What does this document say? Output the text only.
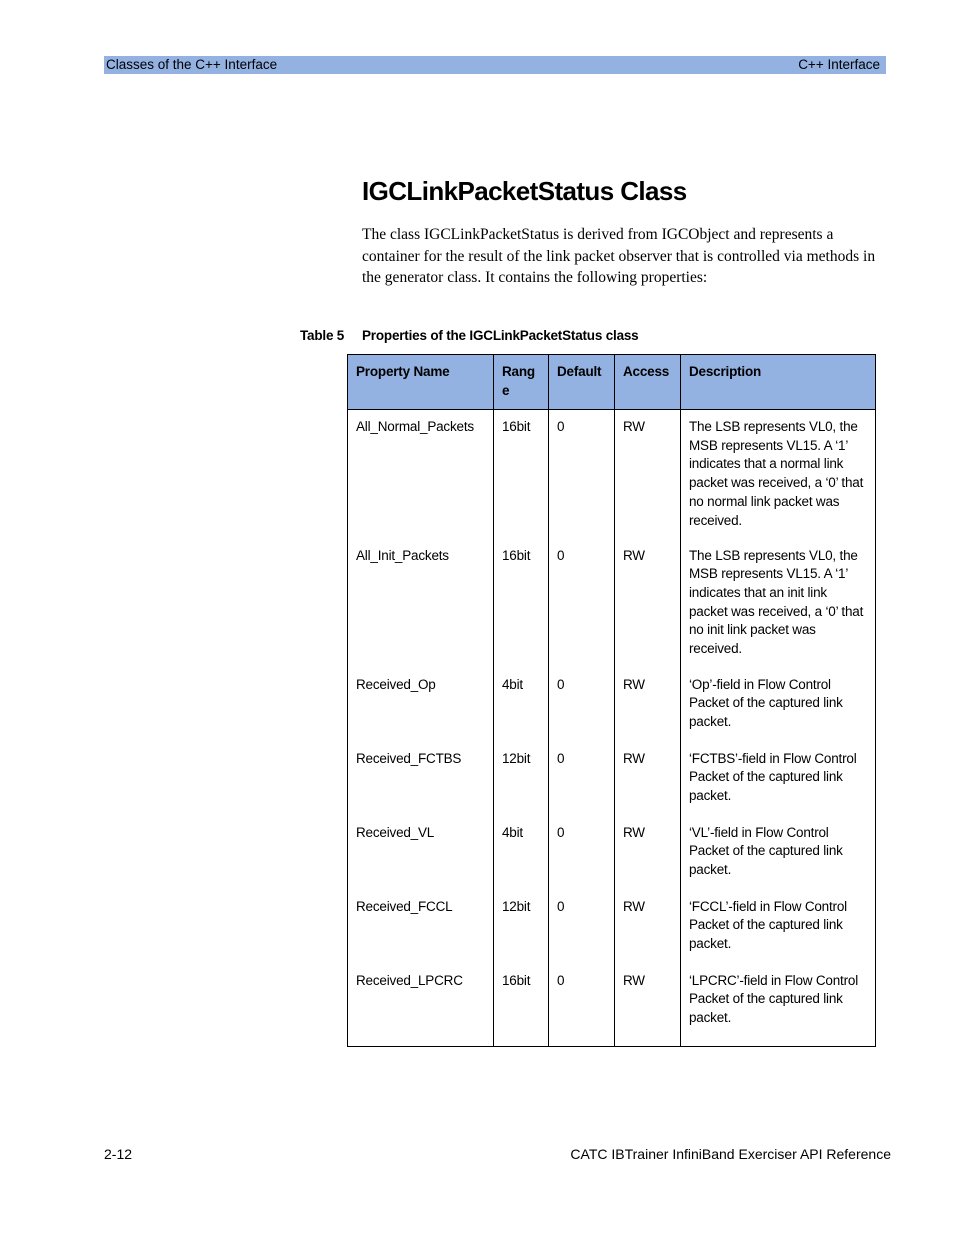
Classes of the C++ Interface	C++ Interface
IGCLinkPacketStatus Class

The class IGCLinkPacketStatus is derived from IGCObject and represents a container for the result of the link packet observer that is controlled via methods in the generator class. It contains the following properties:

Table 5 Properties of the IGCLinkPacketStatus class
Property Name	Rang e	Default	Access	Description
All_Normal_Packets	16bit	0	RW	The LSB represents VL0, the MSB represents VL15. A ‘1’ indicates that a normal link packet was received, a ‘0’ that no normal link packet was received.
All_Init_Packets	16bit	0	RW	The LSB represents VL0, the MSB represents VL15. A ‘1’ indicates that an init link packet was received, a ‘0’ that no init link packet was received.
Received_Op	4bit	0	RW	‘Op’-field in Flow Control Packet of the captured link packet.
Received_FCTBS	12bit	0	RW	‘FCTBS’-field in Flow Control Packet of the captured link packet.
Received_VL	4bit	0	RW	‘VL’-field in Flow Control Packet of the captured link packet.
Received_FCCL	12bit	0	RW	‘FCCL’-field in Flow Control Packet of the captured link packet.
Received_LPCRC	16bit	0	RW	‘LPCRC’-field in Flow Control Packet of the captured link packet.
2-12	CATC IBTrainer InfiniBand Exerciser API Reference
